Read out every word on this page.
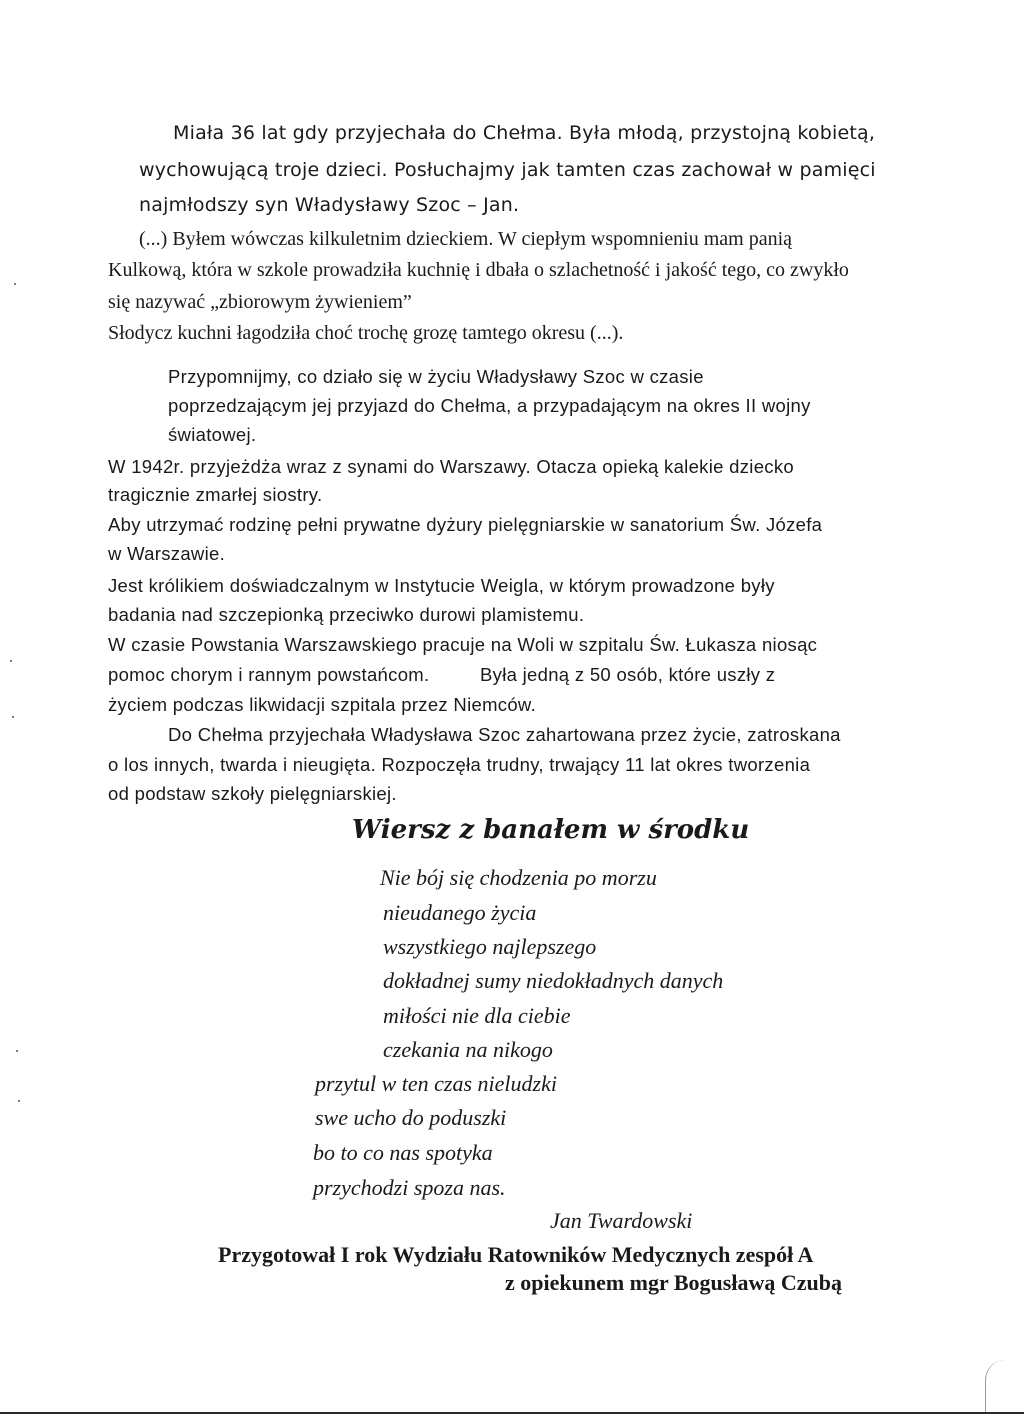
Miała 36 lat gdy przyjechała do Chełma. Była młodą, przystojną kobietą,
wychowującą troje dzieci. Posłuchajmy jak tamten czas zachował w pamięci
najmłodszy syn Władysławy Szoc – Jan.
(...) Byłem wówczas kilkuletnim dzieckiem. W ciepłym wspomnieniu mam panią
Kulkową, która w szkole prowadziła kuchnię i dbała o szlachetność i jakość tego, co zwykło
się nazywać „zbiorowym żywieniem”
Słodycz kuchni łagodziła choć trochę grozę tamtego okresu (...).
Przypomnijmy, co działo się w życiu Władysławy Szoc w czasie
poprzedzającym jej przyjazd do Chełma, a przypadającym na okres II wojny
światowej.
W 1942r. przyjeżdża wraz z synami do Warszawy. Otacza opieką kalekie dziecko
tragicznie zmarłej siostry.
Aby utrzymać rodzinę pełni prywatne dyżury pielęgniarskie w sanatorium Św. Józefa
w Warszawie.
Jest królikiem doświadczalnym w Instytucie Weigla, w którym prowadzone były
badania nad szczepionką przeciwko durowi plamistemu.
W czasie Powstania Warszawskiego pracuje na Woli w szpitalu Św. Łukasza niosąc
pomoc chorym i rannym powstańcom.	Była jedną z 50 osób, które uszły z
życiem podczas likwidacji szpitala przez Niemców.
Do Chełma przyjechała Władysława Szoc zahartowana przez życie, zatroskana
o los innych, twarda i nieugięta. Rozpoczęła trudny, trwający 11 lat okres tworzenia
od podstaw szkoły pielęgniarskiej.
Wiersz z banałem w środku
Nie bój się chodzenia po morzu
nieudanego życia
wszystkiego najlepszego
dokładnej sumy niedokładnych danych
miłości nie dla ciebie
czekania na nikogo
przytul w ten czas nieludzki
swe ucho do poduszki
bo to co nas spotyka
przychodzi spoza nas.
Jan Twardowski
Przygotował I rok Wydziału Ratowników Medycznych zespół A
z opiekunem mgr Bogusławą Czubą
